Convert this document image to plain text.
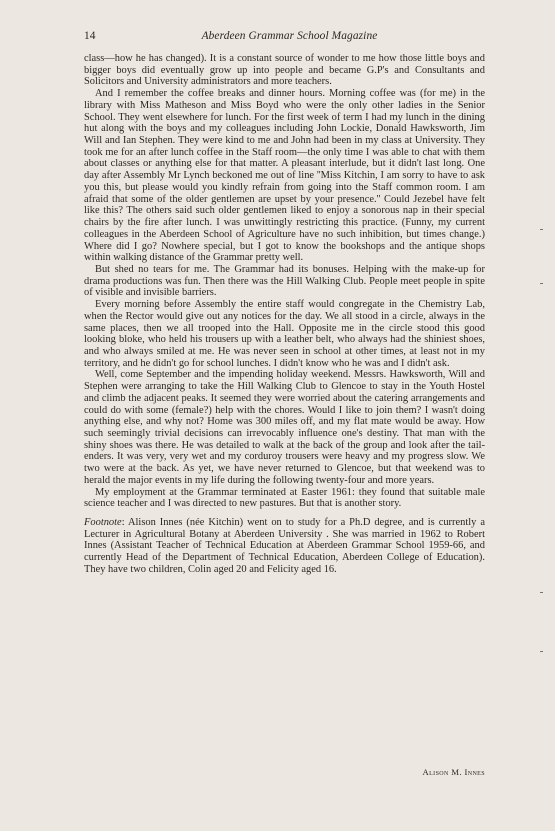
14	Aberdeen Grammar School Magazine

class—how he has changed). It is a constant source of wonder to me how those little boys and bigger boys did eventually grow up into people and became G.P's and Consultants and Solicitors and University administrators and more teachers.

And I remember the coffee breaks and dinner hours. Morning coffee was (for me) in the library with Miss Matheson and Miss Boyd who were the only other ladies in the Senior School. They went elsewhere for lunch. For the first week of term I had my lunch in the dining hut along with the boys and my colleagues including John Lockie, Donald Hawksworth, Jim Will and Ian Stephen. They were kind to me and John had been in my class at University. They took me for an after lunch coffee in the Staff room—the only time I was able to chat with them about classes or anything else for that matter. A pleasant interlude, but it didn't last long. One day after Assembly Mr Lynch beckoned me out of line ''Miss Kitchin, I am sorry to have to ask you this, but please would you kindly refrain from going into the Staff common room. I am afraid that some of the older gentlemen are upset by your presence.'' Could Jezebel have felt like this? The others said such older gentlemen liked to enjoy a sonorous nap in their special chairs by the fire after lunch. I was unwittingly restricting this practice. (Funny, my current colleagues in the Aberdeen School of Agriculture have no such inhibition, but times change.) Where did I go? Nowhere special, but I got to know the bookshops and the antique shops within walking distance of the Grammar pretty well.

But shed no tears for me. The Grammar had its bonuses. Helping with the make-up for drama productions was fun. Then there was the Hill Walking Club. People meet people in spite of visible and invisible barriers.

Every morning before Assembly the entire staff would congregate in the Chemistry Lab, when the Rector would give out any notices for the day. We all stood in a circle, always in the same places, then we all trooped into the Hall. Opposite me in the circle stood this good looking bloke, who held his trousers up with a leather belt, who always had the shiniest shoes, and who always smiled at me. He was never seen in school at other times, at least not in my territory, and he didn't go for school lunches. I didn't know who he was and I didn't ask.

Well, come September and the impending holiday weekend. Messrs. Hawksworth, Will and Stephen were arranging to take the Hill Walking Club to Glencoe to stay in the Youth Hostel and climb the adjacent peaks. It seemed they were worried about the catering arrangements and could do with some (female?) help with the chores. Would I like to join them? I wasn't doing anything else, and why not? Home was 300 miles off, and my flat mate would be away. How such seemingly trivial decisions can irrevocably influence one's destiny. That man with the shiny shoes was there. He was detailed to walk at the back of the group and look after the tail-enders. It was very, very wet and my corduroy trousers were heavy and my progress slow. We two were at the back. As yet, we have never returned to Glencoe, but that weekend was to herald the major events in my life during the following twenty-four and more years.

My employment at the Grammar terminated at Easter 1961: they found that suitable male science teacher and I was directed to new pastures. But that is another story.

Footnote: Alison Innes (née Kitchin) went on to study for a Ph.D degree, and is currently a Lecturer in Agricultural Botany at Aberdeen University . She was married in 1962 to Robert Innes (Assistant Teacher of Technical Education at Aberdeen Grammar School 1959-66, and currently Head of the Department of Technical Education, Aberdeen College of Education). They have two children, Colin aged 20 and Felicity aged 16.

Alison M. Innes
